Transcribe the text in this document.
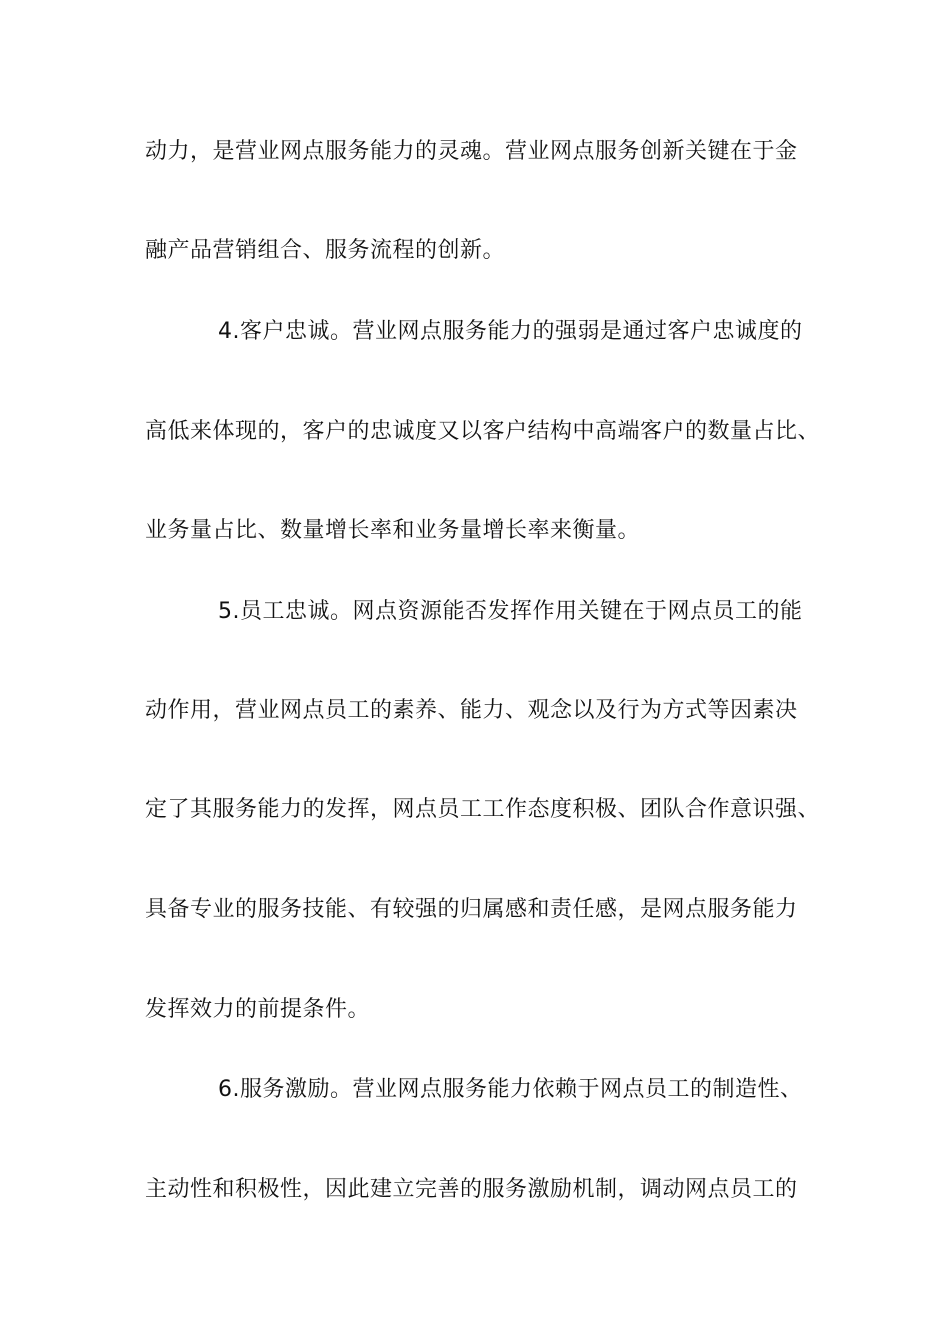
动力，是营业网点服务能力的灵魂。营业网点服务创新关键在于金
融产品营销组合、服务流程的创新。
4.客户忠诚。营业网点服务能力的强弱是通过客户忠诚度的
高低来体现的，客户的忠诚度又以客户结构中高端客户的数量占比、
业务量占比、数量增长率和业务量增长率来衡量。
5.员工忠诚。网点资源能否发挥作用关键在于网点员工的能
动作用，营业网点员工的素养、能力、观念以及行为方式等因素决
定了其服务能力的发挥，网点员工工作态度积极、团队合作意识强、
具备专业的服务技能、有较强的归属感和责任感，是网点服务能力
发挥效力的前提条件。
6.服务激励。营业网点服务能力依赖于网点员工的制造性、
主动性和积极性，因此建立完善的服务激励机制，调动网点员工的
